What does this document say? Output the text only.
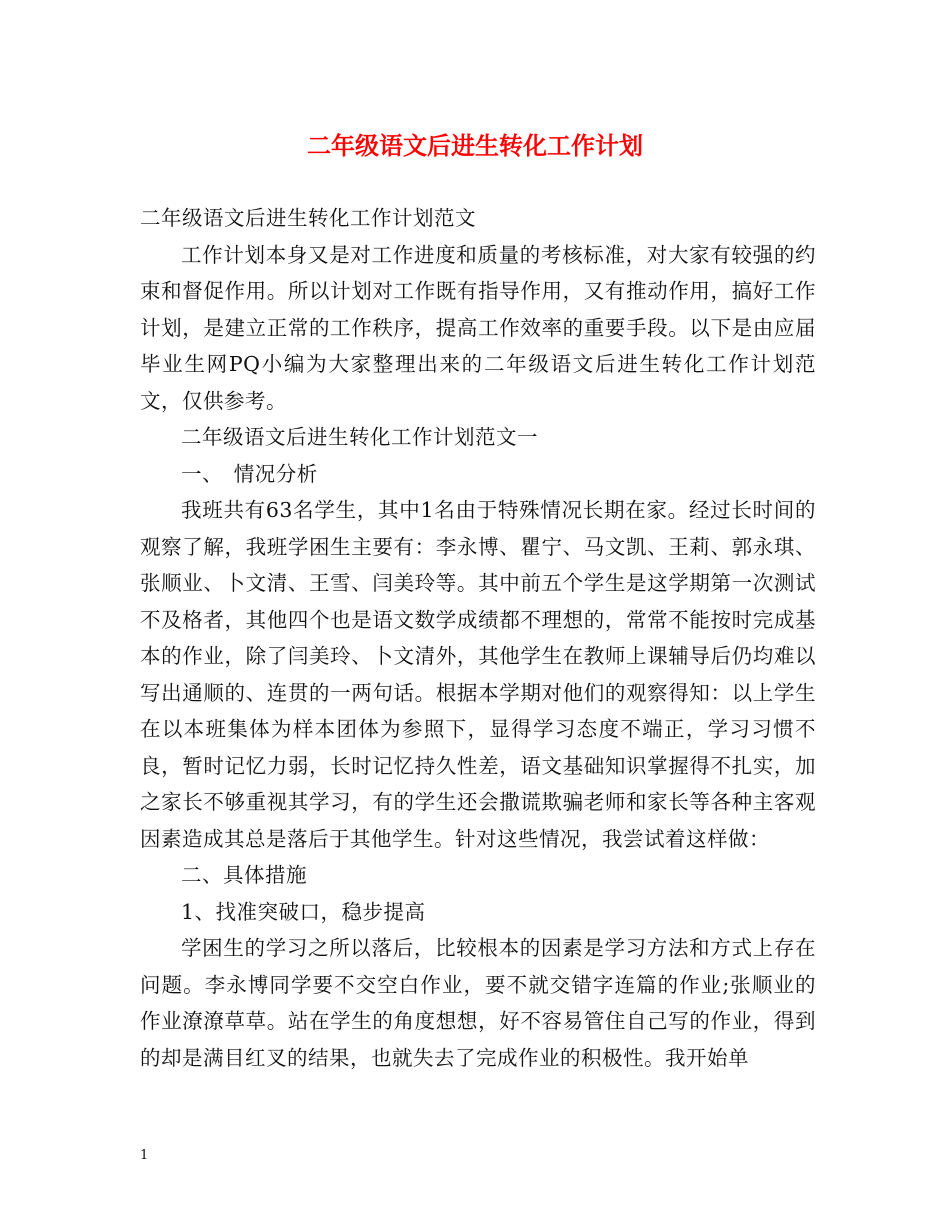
二年级语文后进生转化工作计划

二年级语文后进生转化工作计划范文

工作计划本身又是对工作进度和质量的考核标准，对大家有较强的约束和督促作用。所以计划对工作既有指导作用，又有推动作用，搞好工作计划，是建立正常的工作秩序，提高工作效率的重要手段。以下是由应届毕业生网PQ小编为大家整理出来的二年级语文后进生转化工作计划范文，仅供参考。

二年级语文后进生转化工作计划范文一

一、　情况分析

我班共有63名学生，其中1名由于特殊情况长期在家。经过长时间的观察了解，我班学困生主要有：李永博、瞿宁、马文凯、王莉、郭永琪、张顺业、卜文清、王雪、闫美玲等。其中前五个学生是这学期第一次测试不及格者，其他四个也是语文数学成绩都不理想的，常常不能按时完成基本的作业，除了闫美玲、卜文清外，其他学生在教师上课辅导后仍均难以写出通顺的、连贯的一两句话。根据本学期对他们的观察得知：以上学生在以本班集体为样本团体为参照下，显得学习态度不端正，学习习惯不良，暂时记忆力弱，长时记忆持久性差，语文基础知识掌握得不扎实，加之家长不够重视其学习，有的学生还会撒谎欺骗老师和家长等各种主客观因素造成其总是落后于其他学生。针对这些情况，我尝试着这样做：

二、具体措施

1、找准突破口，稳步提高

学困生的学习之所以落后，比较根本的因素是学习方法和方式上存在问题。李永博同学要不交空白作业，要不就交错字连篇的作业;张顺业的作业潦潦草草。站在学生的角度想想，好不容易管住自己写的作业，得到的却是满目红叉的结果，也就失去了完成作业的积极性。我开始单

1
